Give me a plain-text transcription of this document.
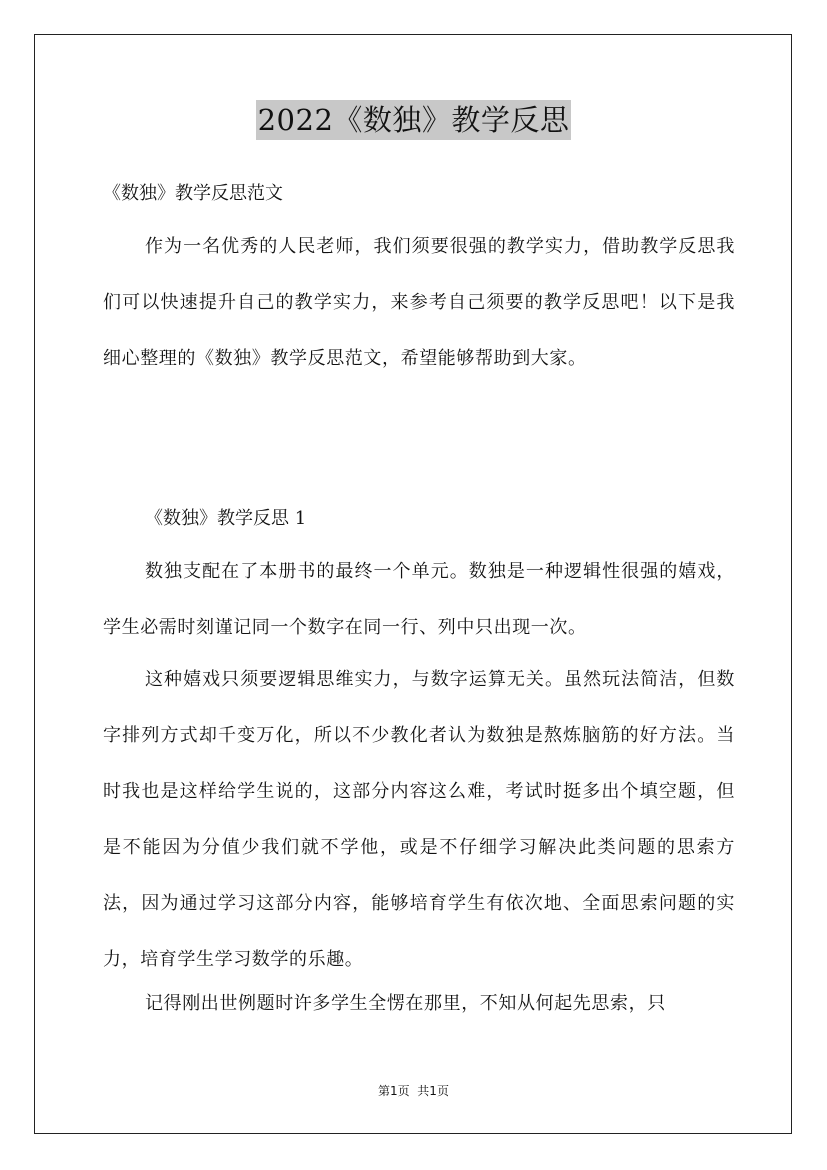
2022《数独》教学反思
《数独》教学反思范文

作为一名优秀的人民老师，我们须要很强的教学实力，借助教学反思我们可以快速提升自己的教学实力，来参考自己须要的教学反思吧！以下是我细心整理的《数独》教学反思范文，希望能够帮助到大家。

《数独》教学反思 1

数独支配在了本册书的最终一个单元。数独是一种逻辑性很强的嬉戏，学生必需时刻谨记同一个数字在同一行、列中只出现一次。

这种嬉戏只须要逻辑思维实力，与数字运算无关。虽然玩法简洁，但数字排列方式却千变万化，所以不少教化者认为数独是熬炼脑筋的好方法。当时我也是这样给学生说的，这部分内容这么难，考试时挺多出个填空题，但是不能因为分值少我们就不学他，或是不仔细学习解决此类问题的思索方法，因为通过学习这部分内容，能够培育学生有依次地、全面思索问题的实力，培育学生学习数学的乐趣。

记得刚出世例题时许多学生全愣在那里，不知从何起先思索，只

第1页  共1页
